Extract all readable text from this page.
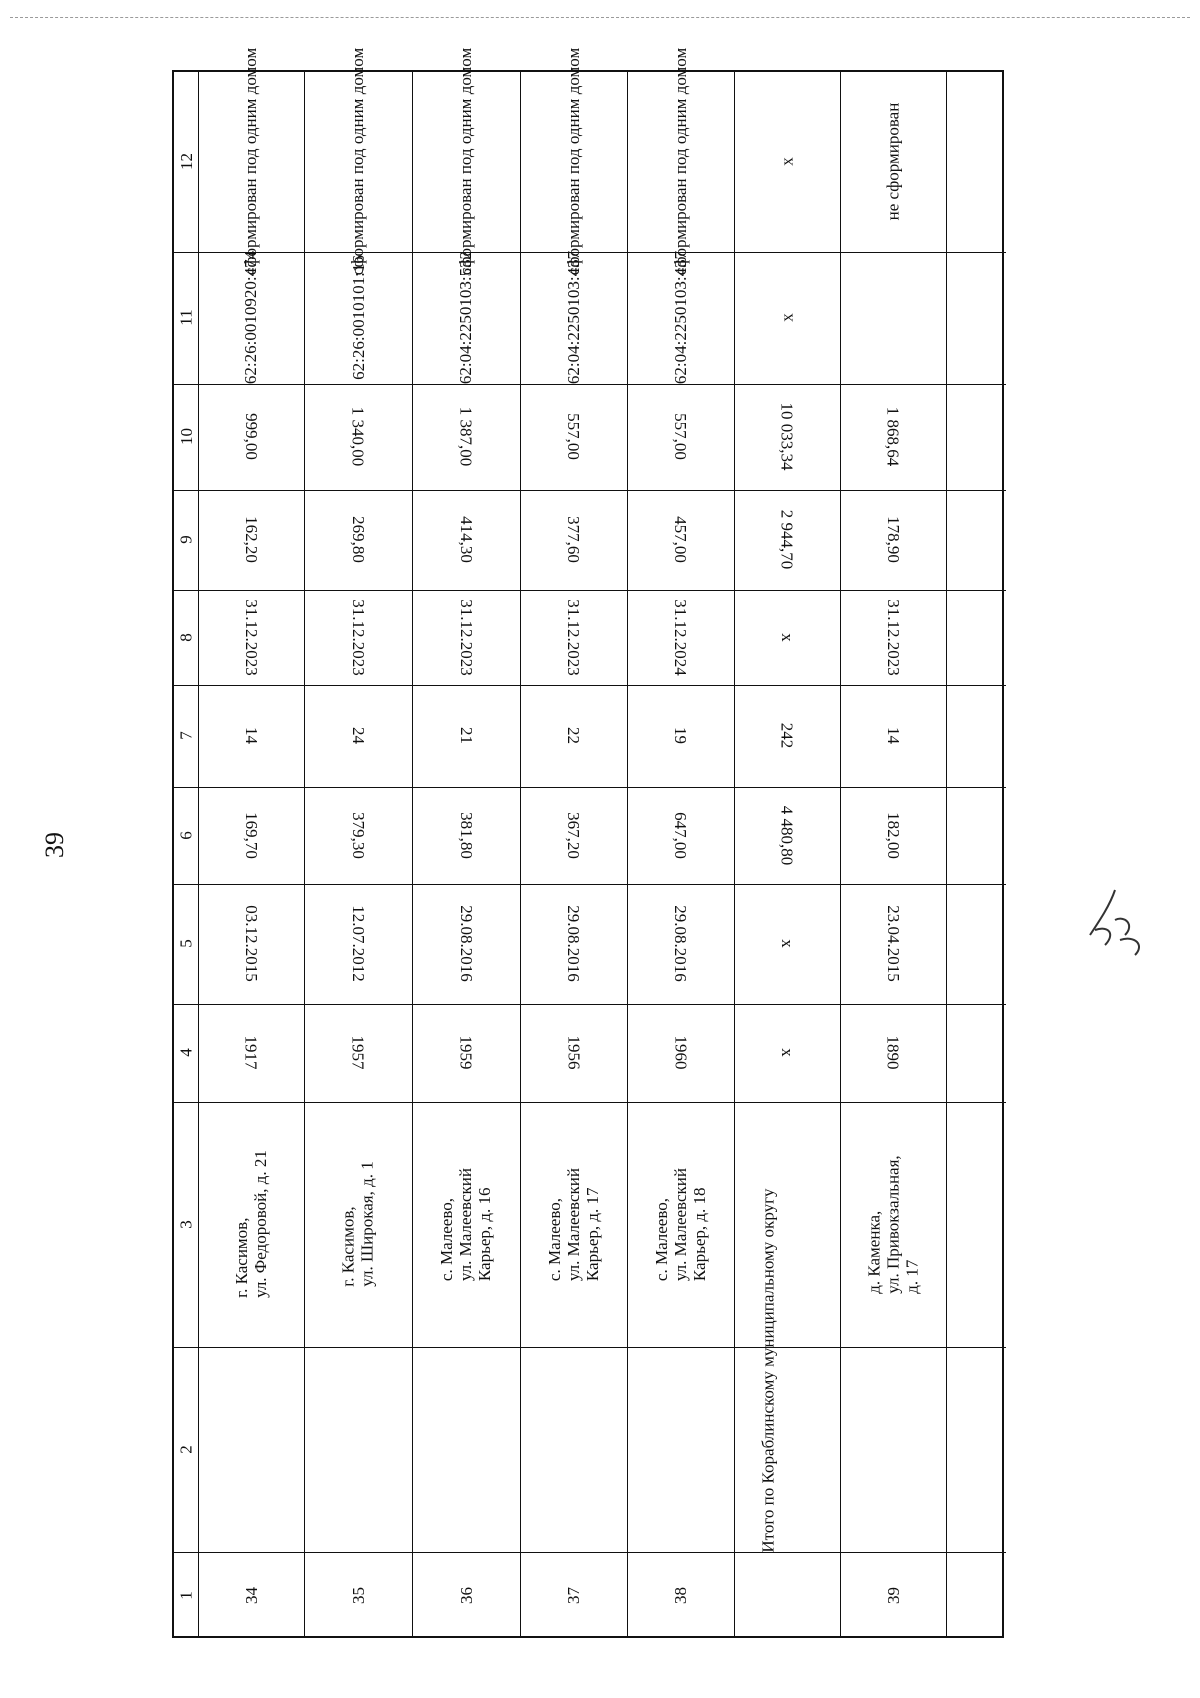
39
1
2
3
4
5
6
7
8
9
10
11
12
34
г. Касимов,
ул. Федоровой, д. 21
1917
03.12.2015
169,70
14
31.12.2023
162,20
999,00
62:26:0010920:474
сформирован под одним домом
35
г. Касимов,
ул. Широкая, д. 1
1957
12.07.2012
379,30
24
31.12.2023
269,80
1 340,00
62:26:0010101:16
сформирован под одним домом
36
с. Малеево,
ул. Малеевский
Карьер, д. 16
1959
29.08.2016
381,80
21
31.12.2023
414,30
1 387,00
62:04:2250103:532
сформирован под одним домом
37
с. Малеево,
ул. Малеевский
Карьер, д. 17
1956
29.08.2016
367,20
22
31.12.2023
377,60
557,00
62:04:2250103:437
сформирован под одним домом
38
с. Малеево,
ул. Малеевский
Карьер, д. 18
1960
29.08.2016
647,00
19
31.12.2024
457,00
557,00
62:04:2250103:437
сформирован под одним домом
Итого по Кораблинскому муниципальному округу
x
x
4 480,80
242
x
2 944,70
10 033,34
x
x
39
д. Каменка,
ул. Привокзальная,
д. 17
1890
23.04.2015
182,00
14
31.12.2023
178,90
1 868,64
не сформирован
